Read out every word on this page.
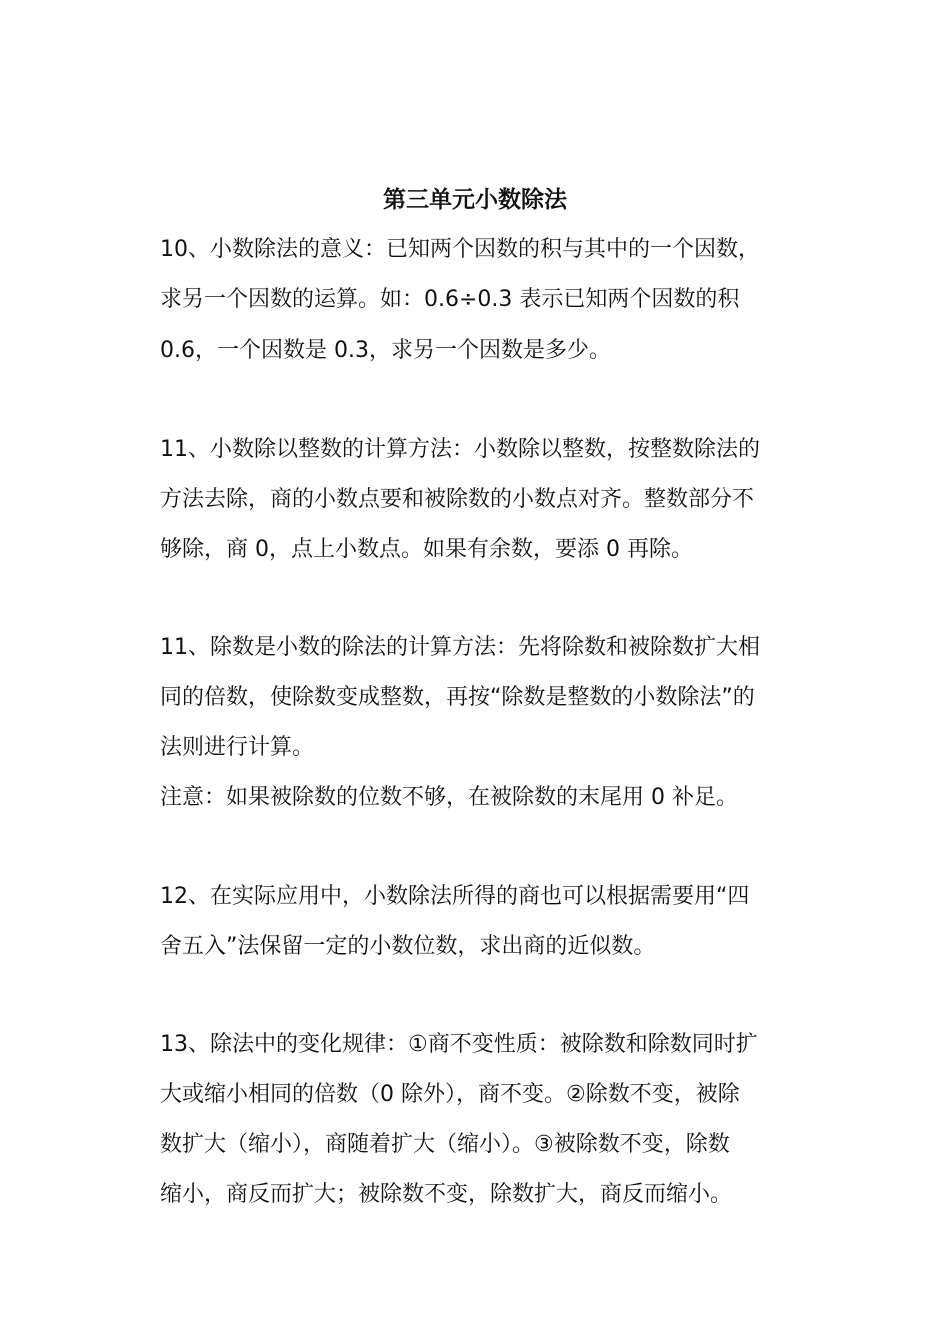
第三单元小数除法
10、小数除法的意义：已知两个因数的积与其中的一个因数，
求另一个因数的运算。如：0.6÷0.3 表示已知两个因数的积
0.6，一个因数是 0.3，求另一个因数是多少。
11、小数除以整数的计算方法：小数除以整数，按整数除法的
方法去除，商的小数点要和被除数的小数点对齐。整数部分不
够除，商 0，点上小数点。如果有余数，要添 0 再除。
11、除数是小数的除法的计算方法：先将除数和被除数扩大相
同的倍数，使除数变成整数，再按“除数是整数的小数除法”的
法则进行计算。
注意：如果被除数的位数不够，在被除数的末尾用 0 补足。
12、在实际应用中，小数除法所得的商也可以根据需要用“四
舍五入”法保留一定的小数位数，求出商的近似数。
13、除法中的变化规律：①商不变性质：被除数和除数同时扩
大或缩小相同的倍数（0 除外），商不变。②除数不变，被除
数扩大（缩小），商随着扩大（缩小）。③被除数不变，除数
缩小，商反而扩大；被除数不变，除数扩大，商反而缩小。
